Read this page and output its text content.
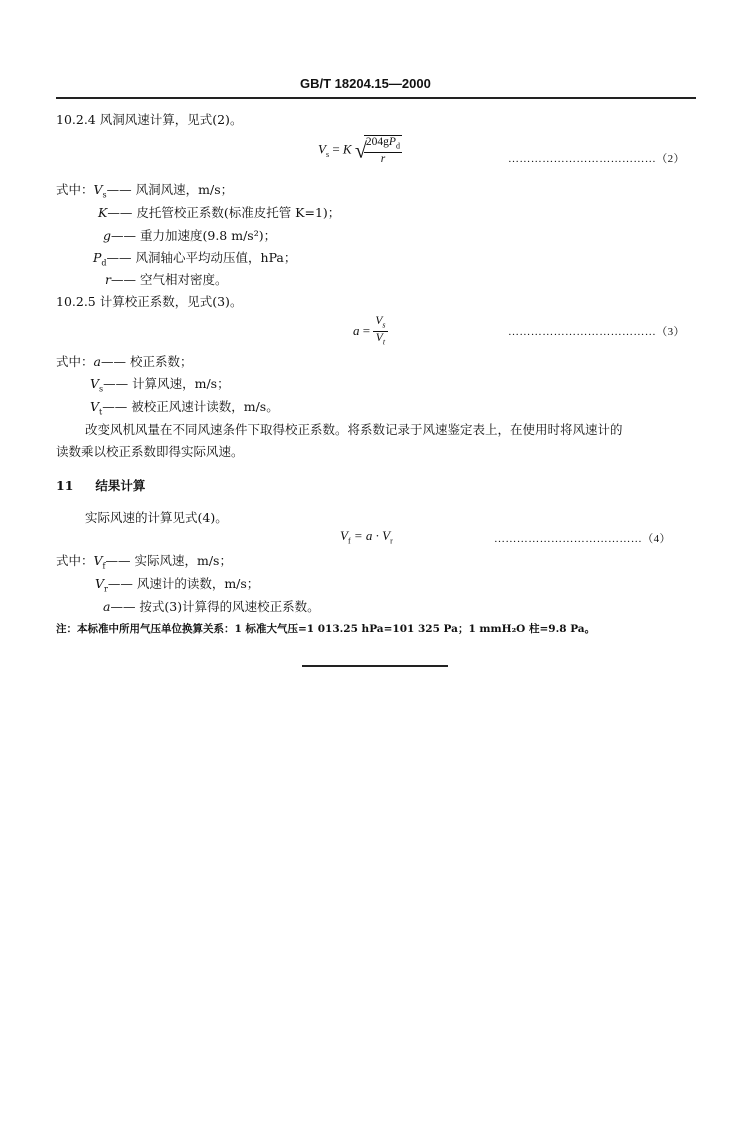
GB/T 18204.15—2000
10.2.4 风洞风速计算，见式(2)。
$V_s = K$ √
$\frac{204gP_d}{r}$	…………………………………（2）
式中：$V_s——$ 风洞风速，m/s；
K—— 皮托管校正系数(标准皮托管 K=1)；
g—— 重力加速度(9.8 m/s²)；
$P_d——$ 风洞轴心平均动压值，hPa；
r—— 空气相对密度。
10.2.5 计算校正系数，见式(3)。
$a = \frac{V_s}{V_t}$	…………………………………（3）
式中：a—— 校正系数；
$V_s——$ 计算风速，m/s；
$V_t——$ 被校正风速计读数，m/s。
改变风机风量在不同风速条件下取得校正系数。将系数记录于风速鉴定表上，在使用时将风速计的
读数乘以校正系数即得实际风速。
11 结果计算
实际风速的计算见式(4)。
$V_f = a \cdot V_r$	…………………………………（4）
式中：$V_f——$ 实际风速，m/s；
$V_r——$ 风速计的读数，m/s；
a—— 按式(3)计算得的风速校正系数。
注：本标准中所用气压单位换算关系：1 标准大气压=1 013.25 hPa=101 325 Pa；1 mmH₂O 柱=9.8 Pa。
